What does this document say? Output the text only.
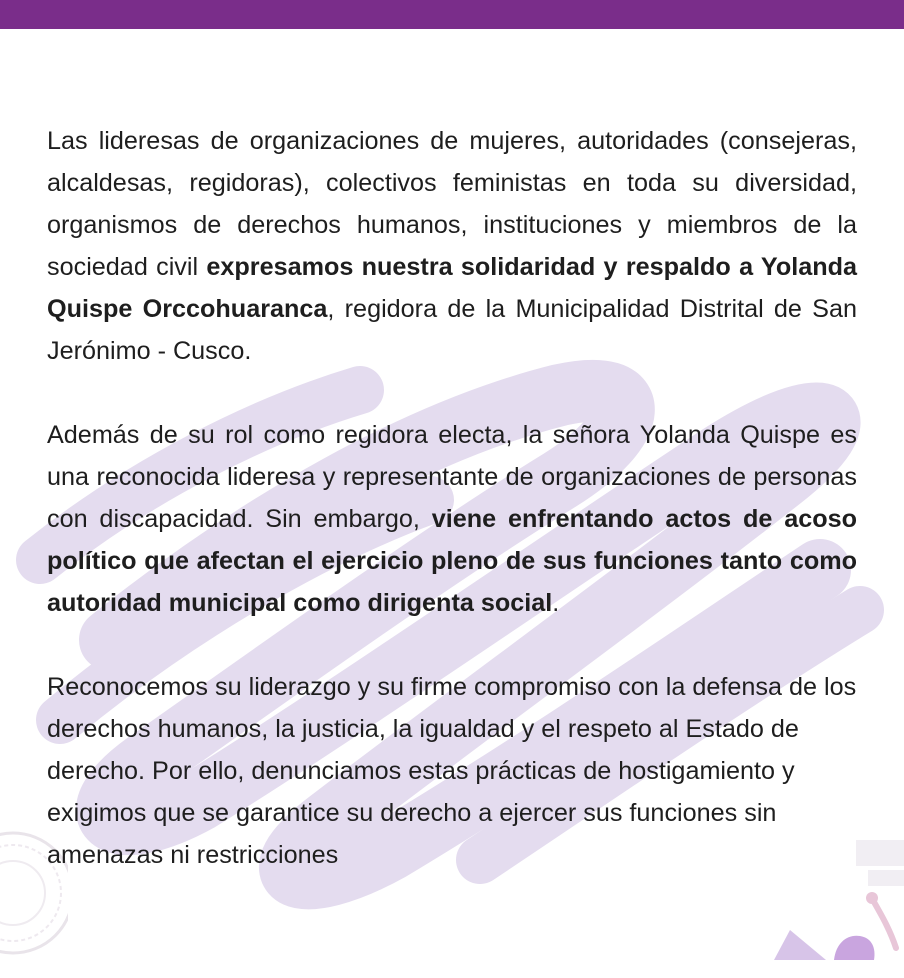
Las lideresas de organizaciones de mujeres, autoridades (consejeras, alcaldesas, regidoras), colectivos feministas en toda su diversidad, organismos de derechos humanos, instituciones y miembros de la sociedad civil expresamos nuestra solidaridad y respaldo a Yolanda Quispe Orccohuaranca, regidora de la Municipalidad Distrital de San Jerónimo - Cusco.

Además de su rol como regidora electa, la señora Yolanda Quispe es una reconocida lideresa y representante de organizaciones de personas con discapacidad. Sin embargo, viene enfrentando actos de acoso político que afectan el ejercicio pleno de sus funciones tanto como autoridad municipal como dirigenta social.

Reconocemos su liderazgo y su firme compromiso con la defensa de los derechos humanos, la justicia, la igualdad y el respeto al Estado de derecho. Por ello, denunciamos estas prácticas de hostigamiento y exigimos que se garantice su derecho a ejercer sus funciones sin amenazas ni restricciones
